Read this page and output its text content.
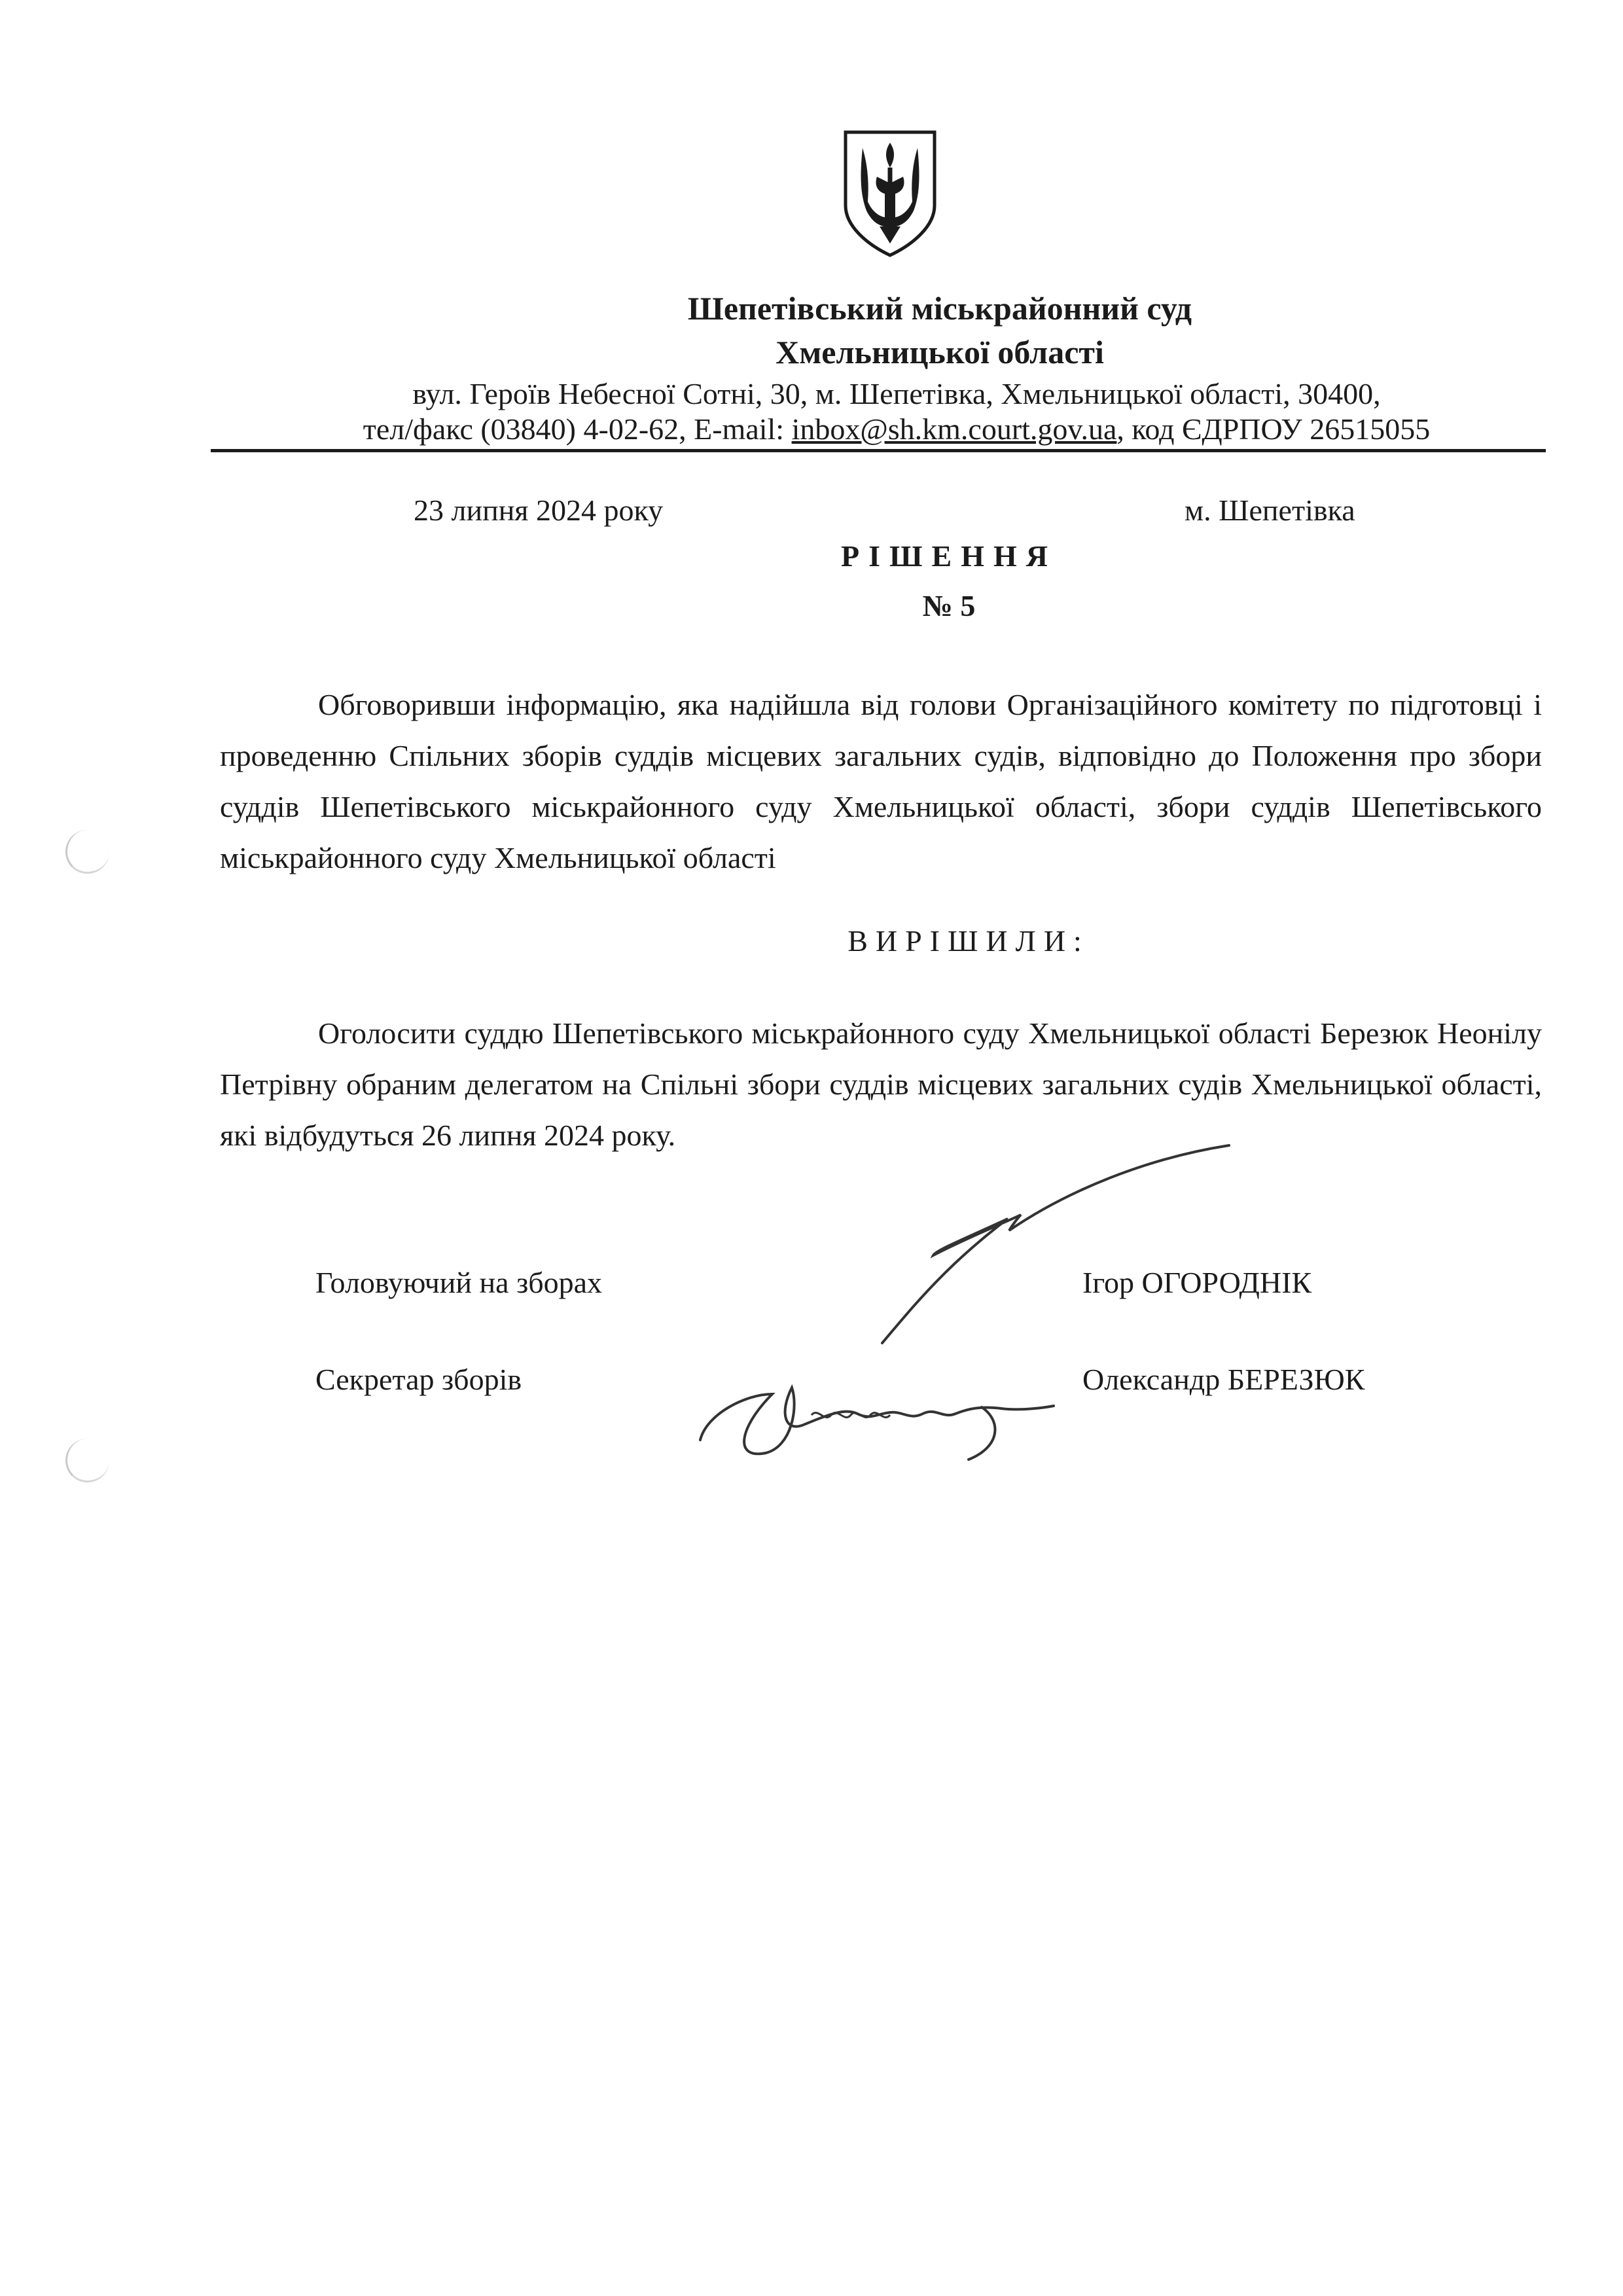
Шепетівський міськрайонний суд
Хмельницької області
вул. Героїв Небесної Сотні, 30, м. Шепетівка, Хмельницької області, 30400,
тел/факс (03840) 4-02-62, E-mail: inbox@sh.km.court.gov.ua, код ЄДРПОУ 26515055
23 липня 2024 року	м. Шепетівка
РІШЕННЯ
№ 5
Обговоривши інформацію, яка надійшла від голови Організаційного комітету по підготовці і проведенню Спільних зборів суддів місцевих загальних судів, відповідно до Положення про збори суддів Шепетівського міськрайонного суду Хмельницької області, збори суддів Шепетівського міськрайонного суду Хмельницької області
ВИРІШИЛИ:
Оголосити суддю Шепетівського міськрайонного суду Хмельницької області Березюк Неонілу Петрівну обраним делегатом на Спільні збори суддів місцевих загальних судів Хмельницької області, які відбудуться 26 липня 2024 року.
Головуючий на зборах	Ігор ОГОРОДНІК
Секретар зборів	Олександр БЕРЕЗЮК
